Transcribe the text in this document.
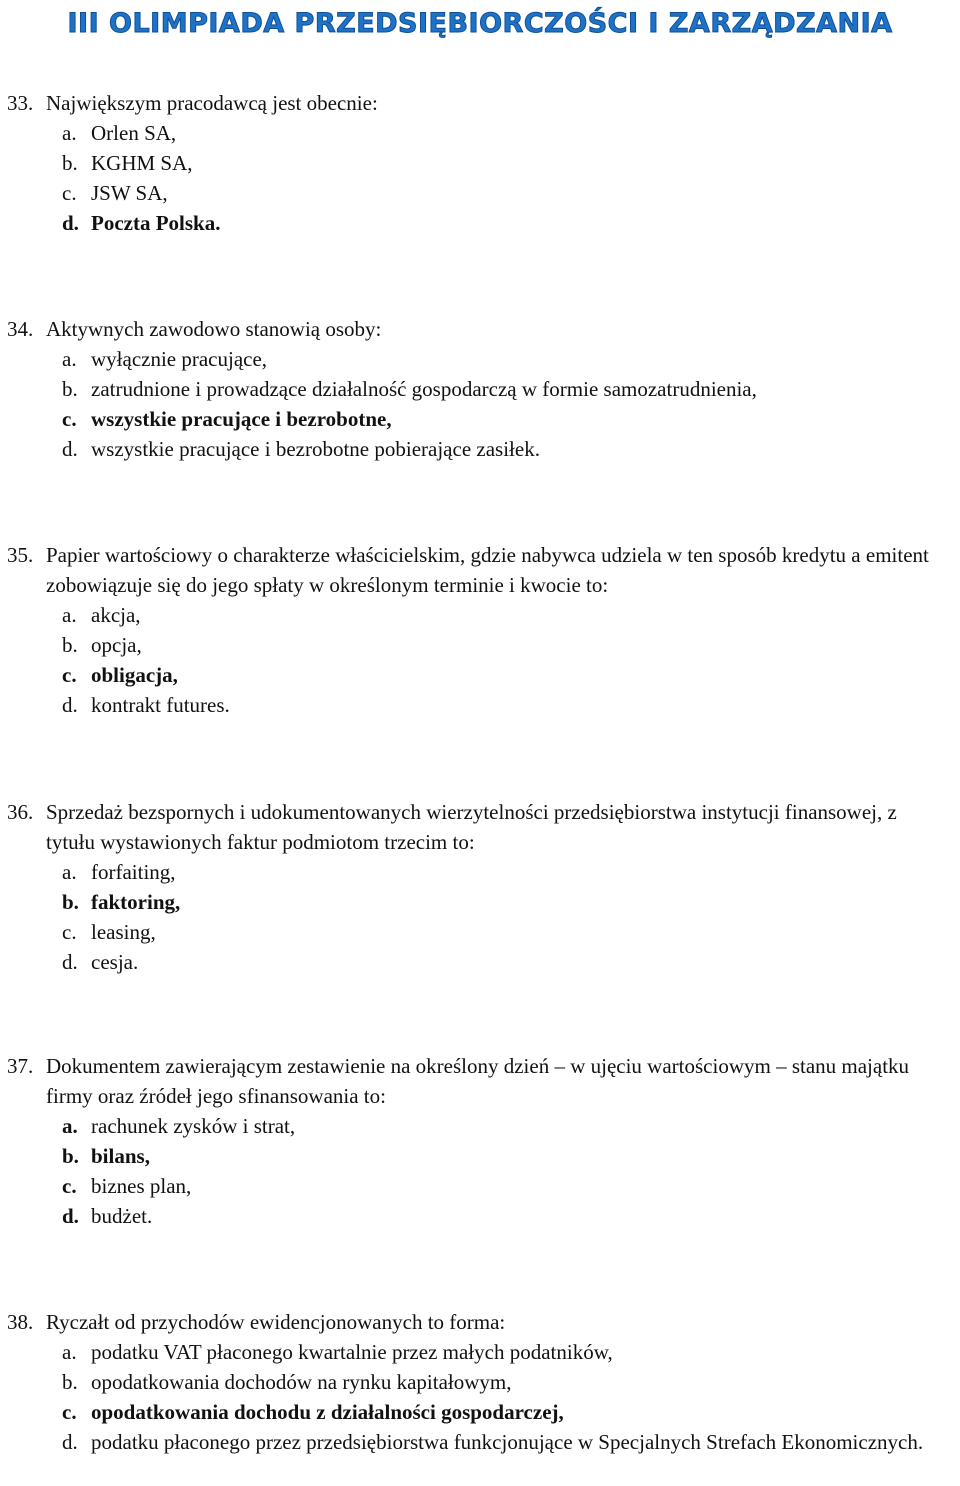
III OLIMPIADA PRZEDSIĘBIORCZOŚCI I ZARZĄDZANIA
33. Największym pracodawcą jest obecnie:
a. Orlen SA,
b. KGHM SA,
c. JSW SA,
d. Poczta Polska.
34. Aktywnych zawodowo stanowią osoby:
a. wyłącznie pracujące,
b. zatrudnione i prowadzące działalność gospodarczą w formie samozatrudnienia,
c. wszystkie pracujące i bezrobotne,
d. wszystkie pracujące i bezrobotne pobierające zasiłek.
35. Papier wartościowy o charakterze właścicielskim, gdzie nabywca udziela w ten sposób kredytu a emitent zobowiązuje się do jego spłaty w określonym terminie i kwocie to:
a. akcja,
b. opcja,
c. obligacja,
d. kontrakt futures.
36. Sprzedaż bezspornych i udokumentowanych wierzytelności przedsiębiorstwa instytucji finansowej, z tytułu wystawionych faktur podmiotom trzecim to:
a. forfaiting,
b. faktoring,
c. leasing,
d. cesja.
37. Dokumentem zawierającym zestawienie na określony dzień – w ujęciu wartościowym – stanu majątku firmy oraz źródeł jego sfinansowania to:
a. rachunek zysków i strat,
b. bilans,
c. biznes plan,
d. budżet.
38. Ryczałt od przychodów ewidencjonowanych to forma:
a. podatku VAT płaconego kwartalnie przez małych podatników,
b. opodatkowania dochodów na rynku kapitałowym,
c. opodatkowania dochodu z działalności gospodarczej,
d. podatku płaconego przez przedsiębiorstwa funkcjonujące w Specjalnych Strefach Ekonomicznych.
